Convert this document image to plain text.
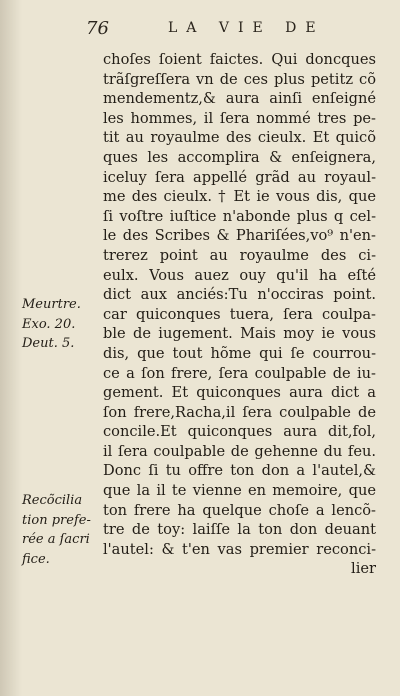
76	LA VIE DE
choſes ſoient faictes. Qui doncques
trãſgreſſera vn de ces plus petitz cõ
mendementz,& aura ainſi enſeigné
les hommes, il ſera nommé tres pe-
tit au royaulme des cieulx. Et quicõ
ques les accomplira & enſeignera,
iceluy ſera appellé grãd au royaul-
me des cieulx. † Et ie vous dis, que
ſi voſtre iuſtice n'abonde plus q cel-
le des Scribes & Phariſées,vo⁹ n'en-
trerez point au royaulme des ci-
eulx. Vous auez ouy qu'il ha eſté
dict aux anciés:Tu n'occiras point.
car quiconques tuera, ſera coulpa-
ble de iugement. Mais moy ie vous
dis, que tout hõme qui ſe courrou-
ce a ſon frere, ſera coulpable de iu-
gement. Et quiconques aura dict a
ſon frere,Racha,il ſera coulpable de
concile.Et quiconques aura dit,fol,
il ſera coulpable de gehenne du feu.
Donc ſi tu offre ton don a l'autel,&
que la il te vienne en memoire, que
ton frere ha quelque choſe a lencõ-
tre de toy: laiſſe la ton don deuant
l'autel: & t'en vas premier reconci-
lier
Meurtre.
Exo. 20.
Deut. 5.
Recõcilia
tion prefe-
rée a ſacri
fice.
